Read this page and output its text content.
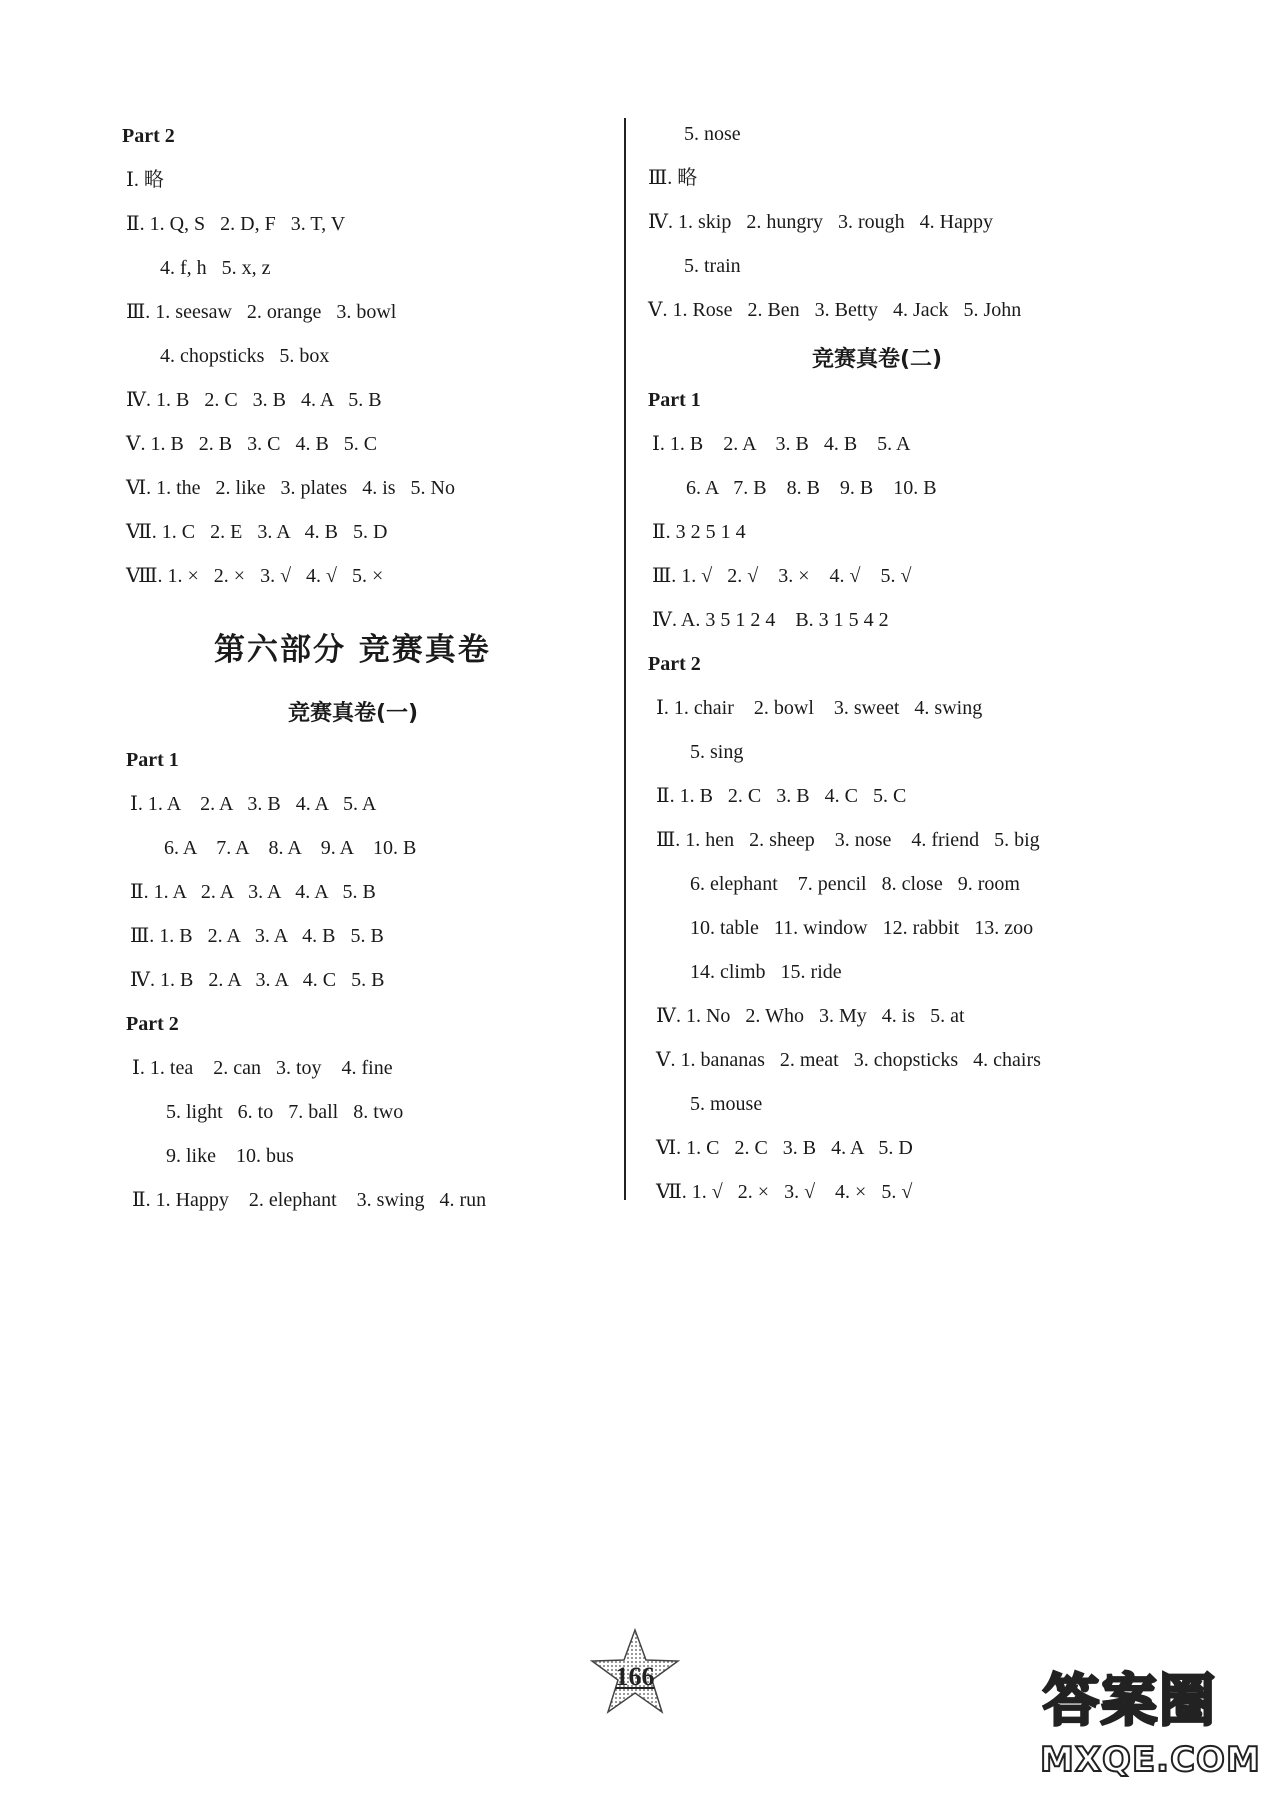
Part 2
Ⅰ. 略
Ⅱ. 1. Q, S   2. D, F   3. T, V
4. f, h   5. x, z
Ⅲ. 1. seesaw   2. orange   3. bowl
4. chopsticks   5. box
Ⅳ. 1. B   2. C   3. B   4. A   5. B
Ⅴ. 1. B   2. B   3. C   4. B   5. C
Ⅵ. 1. the   2. like   3. plates   4. is   5. No
Ⅶ. 1. C   2. E   3. A   4. B   5. D
Ⅷ. 1. ×   2. ×   3. √   4. √   5. ×
第六部分 竞赛真卷
竞赛真卷(一)
Part 1
Ⅰ. 1. A    2. A   3. B   4. A   5. A
6. A    7. A    8. A    9. A    10. B
Ⅱ. 1. A   2. A   3. A   4. A   5. B
Ⅲ. 1. B   2. A   3. A   4. B   5. B
Ⅳ. 1. B   2. A   3. A   4. C   5. B
Part 2
Ⅰ. 1. tea    2. can   3. toy    4. fine
5. light   6. to   7. ball   8. two
9. like    10. bus
Ⅱ. 1. Happy    2. elephant    3. swing   4. run
5. nose
Ⅲ. 略
Ⅳ. 1. skip   2. hungry   3. rough   4. Happy
5. train
Ⅴ. 1. Rose   2. Ben   3. Betty   4. Jack   5. John
竞赛真卷(二)
Part 1
Ⅰ. 1. B    2. A    3. B   4. B    5. A
6. A   7. B    8. B    9. B    10. B
Ⅱ. 3 2 5 1 4
Ⅲ. 1. √   2. √    3. ×    4. √    5. √
Ⅳ. A. 3 5 1 2 4    B. 3 1 5 4 2
Part 2
Ⅰ. 1. chair    2. bowl    3. sweet   4. swing
5. sing
Ⅱ. 1. B   2. C   3. B   4. C   5. C
Ⅲ. 1. hen   2. sheep    3. nose    4. friend   5. big
6. elephant    7. pencil   8. close   9. room
10. table   11. window   12. rabbit   13. zoo
14. climb   15. ride
Ⅳ. 1. No   2. Who   3. My   4. is   5. at
Ⅴ. 1. bananas   2. meat   3. chopsticks   4. chairs
5. mouse
Ⅵ. 1. C   2. C   3. B   4. A   5. D
Ⅶ. 1. √   2. ×   3. √    4. ×   5. √
166	答案圈
MXQE.COM
